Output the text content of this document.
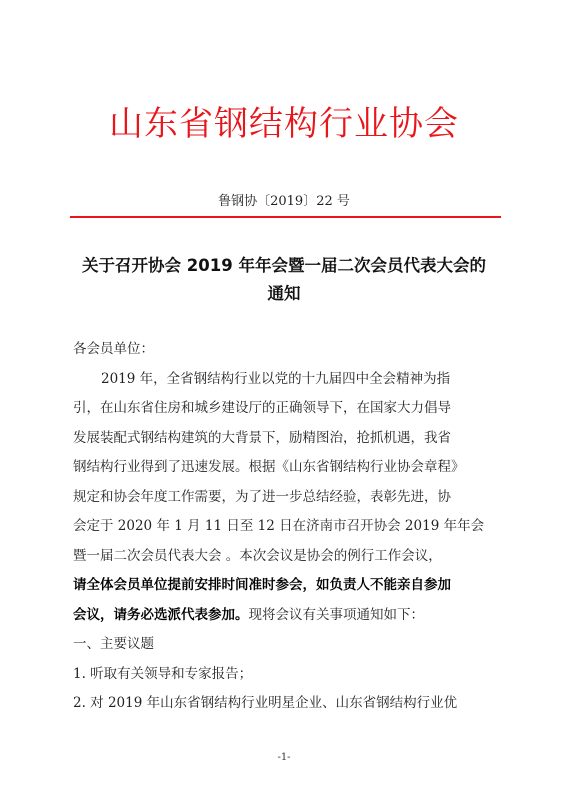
山东省钢结构行业协会
鲁钢协〔2019〕22 号
关于召开协会 2019 年年会暨一届二次会员代表大会的
通知
各会员单位：
2019 年，全省钢结构行业以党的十九届四中全会精神为指
引，在山东省住房和城乡建设厅的正确领导下，在国家大力倡导
发展装配式钢结构建筑的大背景下，励精图治，抢抓机遇，我省
钢结构行业得到了迅速发展。根据《山东省钢结构行业协会章程》
规定和协会年度工作需要，为了进一步总结经验，表彰先进，协
会定于 2020 年 1 月 11 日至 12 日在济南市召开协会 2019 年年会
暨一届二次会员代表大会 。本次会议是协会的例行工作会议，
请全体会员单位提前安排时间准时参会，如负责人不能亲自参加
会议，请务必选派代表参加。现将会议有关事项通知如下：
一、主要议题
1. 听取有关领导和专家报告；
2. 对 2019 年山东省钢结构行业明星企业、山东省钢结构行业优
-1-
